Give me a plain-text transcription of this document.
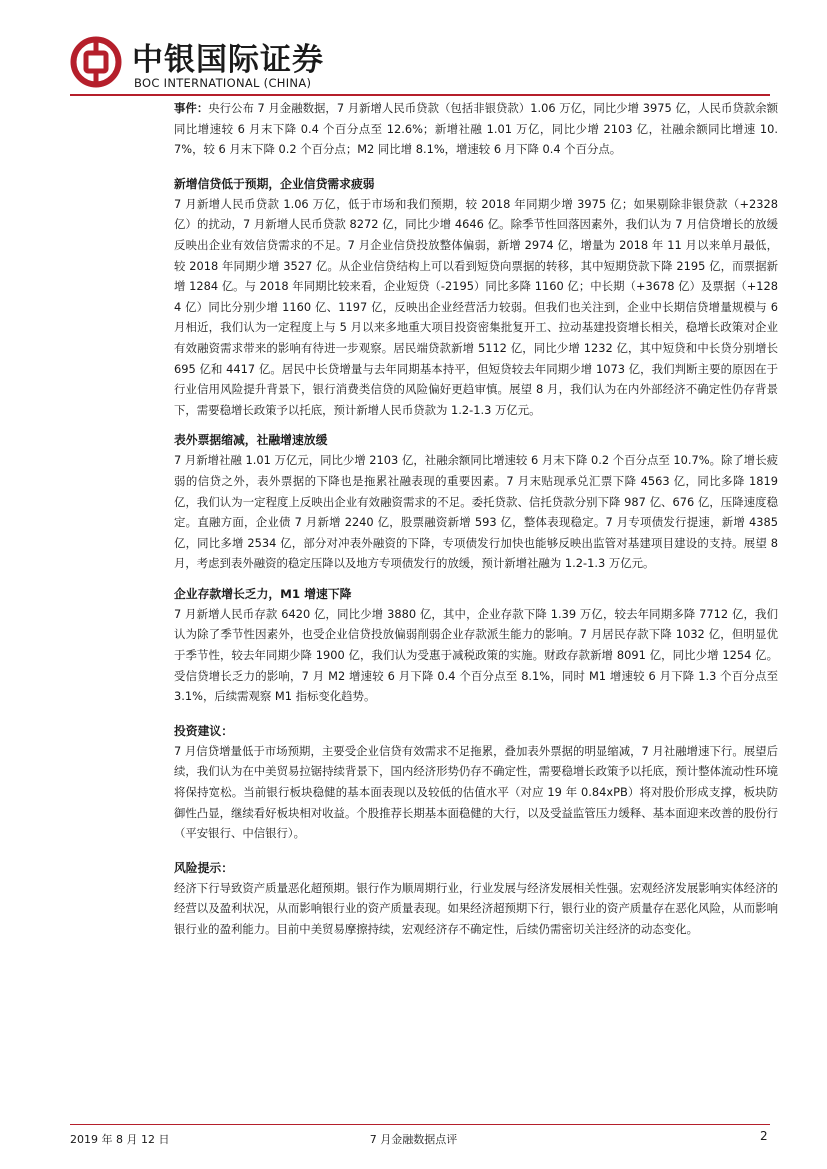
中银国际证券
BOC INTERNATIONAL (CHINA)

事件：央行公布 7 月金融数据，7 月新增人民币贷款（包括非银贷款）1.06 万亿，同比少增 3975 亿，人民币贷款余额同比增速较 6 月末下降 0.4 个百分点至 12.6%；新增社融 1.01 万亿，同比少增 2103 亿，社融余额同比增速 10.7%，较 6 月末下降 0.2 个百分点；M2 同比增 8.1%，增速较 6 月下降 0.4 个百分点。

新增信贷低于预期，企业信贷需求疲弱

7 月新增人民币贷款 1.06 万亿，低于市场和我们预期，较 2018 年同期少增 3975 亿；如果剔除非银贷款（+2328 亿）的扰动，7 月新增人民币贷款 8272 亿，同比少增 4646 亿。除季节性回落因素外，我们认为 7 月信贷增长的放缓反映出企业有效信贷需求的不足。7 月企业信贷投放整体偏弱，新增 2974 亿，增量为 2018 年 11 月以来单月最低，较 2018 年同期少增 3527 亿。从企业信贷结构上可以看到短贷向票据的转移，其中短期贷款下降 2195 亿，而票据新增 1284 亿。与 2018 年同期比较来看，企业短贷（-2195）同比多降 1160 亿；中长期（+3678 亿）及票据（+1284 亿）同比分别少增 1160 亿、1197 亿，反映出企业经营活力较弱。但我们也关注到，企业中长期信贷增量规模与 6 月相近，我们认为一定程度上与 5 月以来多地重大项目投资密集批复开工、拉动基建投资增长相关，稳增长政策对企业有效融资需求带来的影响有待进一步观察。居民端贷款新增 5112 亿，同比少增 1232 亿，其中短贷和中长贷分别增长 695 亿和 4417 亿。居民中长贷增量与去年同期基本持平，但短贷较去年同期少增 1073 亿，我们判断主要的原因在于行业信用风险提升背景下，银行消费类信贷的风险偏好更趋审慎。展望 8 月，我们认为在内外部经济不确定性仍存背景下，需要稳增长政策予以托底，预计新增人民币贷款为 1.2-1.3 万亿元。

表外票据缩减，社融增速放缓

7 月新增社融 1.01 万亿元，同比少增 2103 亿，社融余额同比增速较 6 月末下降 0.2 个百分点至 10.7%。除了增长疲弱的信贷之外，表外票据的下降也是拖累社融表现的重要因素。7 月末贴现承兑汇票下降 4563 亿，同比多降 1819 亿，我们认为一定程度上反映出企业有效融资需求的不足。委托贷款、信托贷款分别下降 987 亿、676 亿，压降速度稳定。直融方面，企业债 7 月新增 2240 亿，股票融资新增 593 亿，整体表现稳定。7 月专项债发行提速，新增 4385 亿，同比多增 2534 亿，部分对冲表外融资的下降，专项债发行加快也能够反映出监管对基建项目建设的支持。展望 8 月，考虑到表外融资的稳定压降以及地方专项债发行的放缓，预计新增社融为 1.2-1.3 万亿元。

企业存款增长乏力，M1 增速下降

7 月新增人民币存款 6420 亿，同比少增 3880 亿，其中，企业存款下降 1.39 万亿，较去年同期多降 7712 亿，我们认为除了季节性因素外，也受企业信贷投放偏弱削弱企业存款派生能力的影响。7 月居民存款下降 1032 亿，但明显优于季节性，较去年同期少降 1900 亿，我们认为受惠于减税政策的实施。财政存款新增 8091 亿，同比少增 1254 亿。受信贷增长乏力的影响，7 月 M2 增速较 6 月下降 0.4 个百分点至 8.1%，同时 M1 增速较 6 月下降 1.3 个百分点至 3.1%，后续需观察 M1 指标变化趋势。

投资建议：

7 月信贷增量低于市场预期，主要受企业信贷有效需求不足拖累，叠加表外票据的明显缩减，7 月社融增速下行。展望后续，我们认为在中美贸易拉锯持续背景下，国内经济形势仍存不确定性，需要稳增长政策予以托底，预计整体流动性环境将保持宽松。当前银行板块稳健的基本面表现以及较低的估值水平（对应 19 年 0.84xPB）将对股价形成支撑，板块防御性凸显，继续看好板块相对收益。个股推荐长期基本面稳健的大行，以及受益监管压力缓释、基本面迎来改善的股份行（平安银行、中信银行）。

风险提示：

经济下行导致资产质量恶化超预期。银行作为顺周期行业，行业发展与经济发展相关性强。宏观经济发展影响实体经济的经营以及盈利状况，从而影响银行业的资产质量表现。如果经济超预期下行，银行业的资产质量存在恶化风险，从而影响银行业的盈利能力。目前中美贸易摩擦持续，宏观经济存不确定性，后续仍需密切关注经济的动态变化。

2019 年 8 月 12 日	7 月金融数据点评	2
